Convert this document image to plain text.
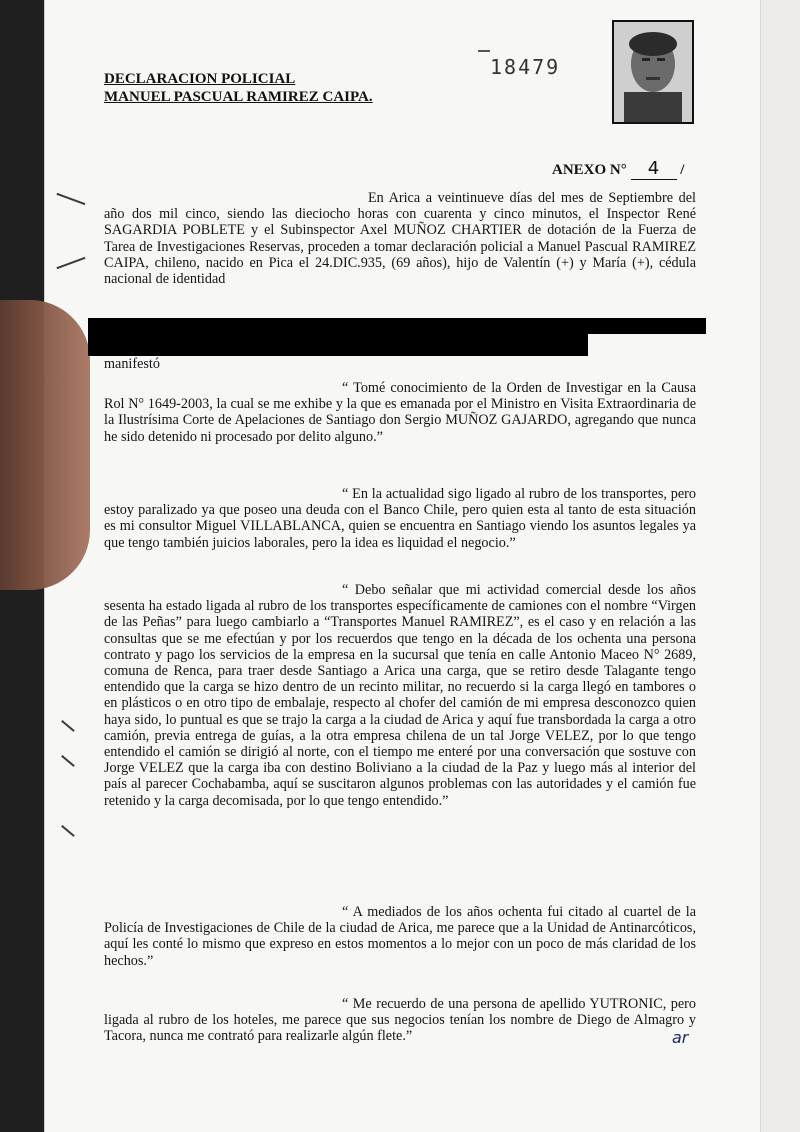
DECLARACION POLICIAL
MANUEL PASCUAL RAMIREZ CAIPA.
18479
ANEXO N° 4 /

En Arica a veintinueve días del mes de Septiembre del año dos mil cinco, siendo las dieciocho horas con cuarenta y cinco minutos, el Inspector René SAGARDIA POBLETE y el Subinspector Axel MUÑOZ CHARTIER de dotación de la Fuerza de Tarea de Investigaciones Reservas, proceden a tomar declaración policial a Manuel Pascual RAMIREZ CAIPA, chileno, nacido en Pica el 24.DIC.935, (69 años), hijo de Valentín (+) y María (+), cédula nacional de identidad

manifestó

“ Tomé conocimiento de la Orden de Investigar en la Causa Rol N° 1649-2003, la cual se me exhibe y la que es emanada por el Ministro en Visita Extraordinaria de la Ilustrísima Corte de Apelaciones de Santiago don Sergio MUÑOZ GAJARDO, agregando que nunca he sido detenido ni procesado por delito alguno.”

“ En la actualidad sigo ligado al rubro de los transportes, pero estoy paralizado ya que poseo una deuda con el Banco Chile, pero quien esta al tanto de esta situación es mi consultor Miguel VILLABLANCA, quien se encuentra en Santiago viendo los asuntos legales ya que tengo también juicios laborales, pero la idea es liquidad el negocio.”

“ Debo señalar que mi actividad comercial desde los años sesenta ha estado ligada al rubro de los transportes específicamente de camiones con el nombre “Virgen de las Peñas” para luego cambiarlo a “Transportes Manuel RAMIREZ”, es el caso y en relación a las consultas que se me efectúan y por los recuerdos que tengo en la década de los ochenta una persona contrato y pago los servicios de la empresa en la sucursal que tenía en calle Antonio Maceo N° 2689, comuna de Renca, para traer desde Santiago a Arica una carga, que se retiro desde Talagante tengo entendido que la carga se hizo dentro de un recinto militar, no recuerdo si la carga llegó en tambores o en plásticos o en otro tipo de embalaje, respecto al chofer del camión de mi empresa desconozco quien haya sido, lo puntual es que se trajo la carga a la ciudad de Arica y aquí fue transbordada la carga a otro camión, previa entrega de guías, a la otra empresa chilena de un tal Jorge VELEZ, por lo que tengo entendido el camión se dirigió al norte, con el tiempo me enteré por una conversación que sostuve con Jorge VELEZ que la carga iba con destino Boliviano a la ciudad de la Paz y luego más al interior del país al parecer Cochabamba, aquí se suscitaron algunos problemas con las autoridades y el camión fue retenido y la carga decomisada, por lo que tengo entendido.”

“ A mediados de los años ochenta fui citado al cuartel de la Policía de Investigaciones de Chile de la ciudad de Arica, me parece que a la Unidad de Antinarcóticos, aquí les conté lo mismo que expreso en estos momentos a lo mejor con un poco de más claridad de los hechos.”

“ Me recuerdo de una persona de apellido YUTRONIC, pero ligada al rubro de los hoteles, me parece que sus negocios tenían los nombre de Diego de Almagro y Tacora, nunca me contrató para realizarle algún flete.”	ar
